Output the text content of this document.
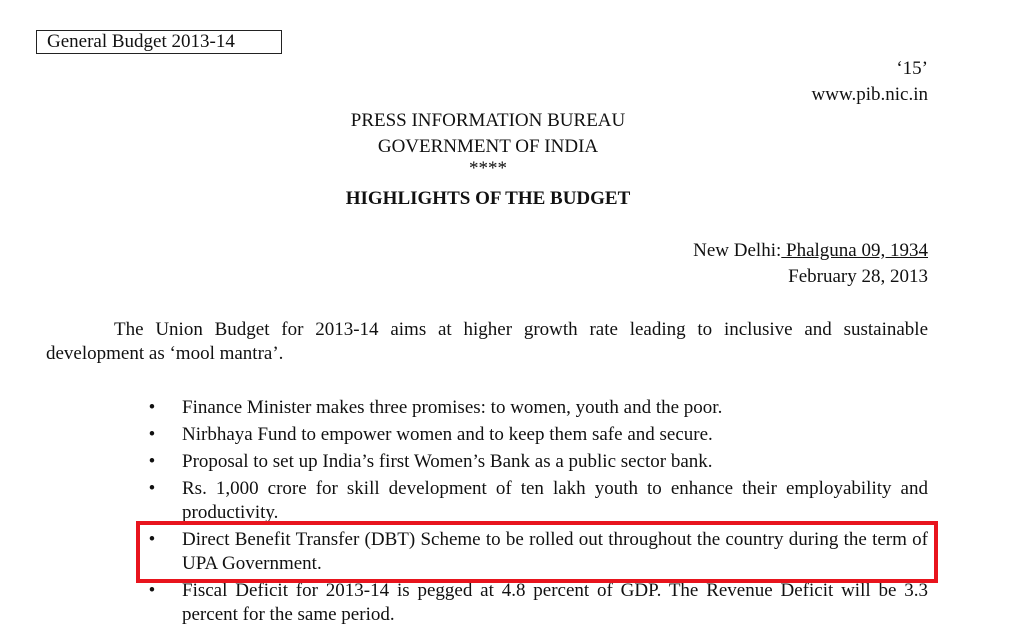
General Budget 2013-14
‘15’
www.pib.nic.in
PRESS INFORMATION BUREAU
GOVERNMENT OF INDIA
****
HIGHLIGHTS OF THE BUDGET
New Delhi: Phalguna 09, 1934
February 28, 2013

The Union Budget for 2013-14 aims at higher growth rate leading to inclusive and sustainable development as ‘mool mantra’.

• Finance Minister makes three promises: to women, youth and the poor.
• Nirbhaya Fund to empower women and to keep them safe and secure.
• Proposal to set up India’s first Women’s Bank as a public sector bank.
• Rs. 1,000 crore for skill development of ten lakh youth to enhance their employability and productivity.
• Direct Benefit Transfer (DBT) Scheme to be rolled out throughout the country during the term of UPA Government.
• Fiscal Deficit for 2013-14 is pegged at 4.8 percent of GDP. The Revenue Deficit will be 3.3 percent for the same period.
